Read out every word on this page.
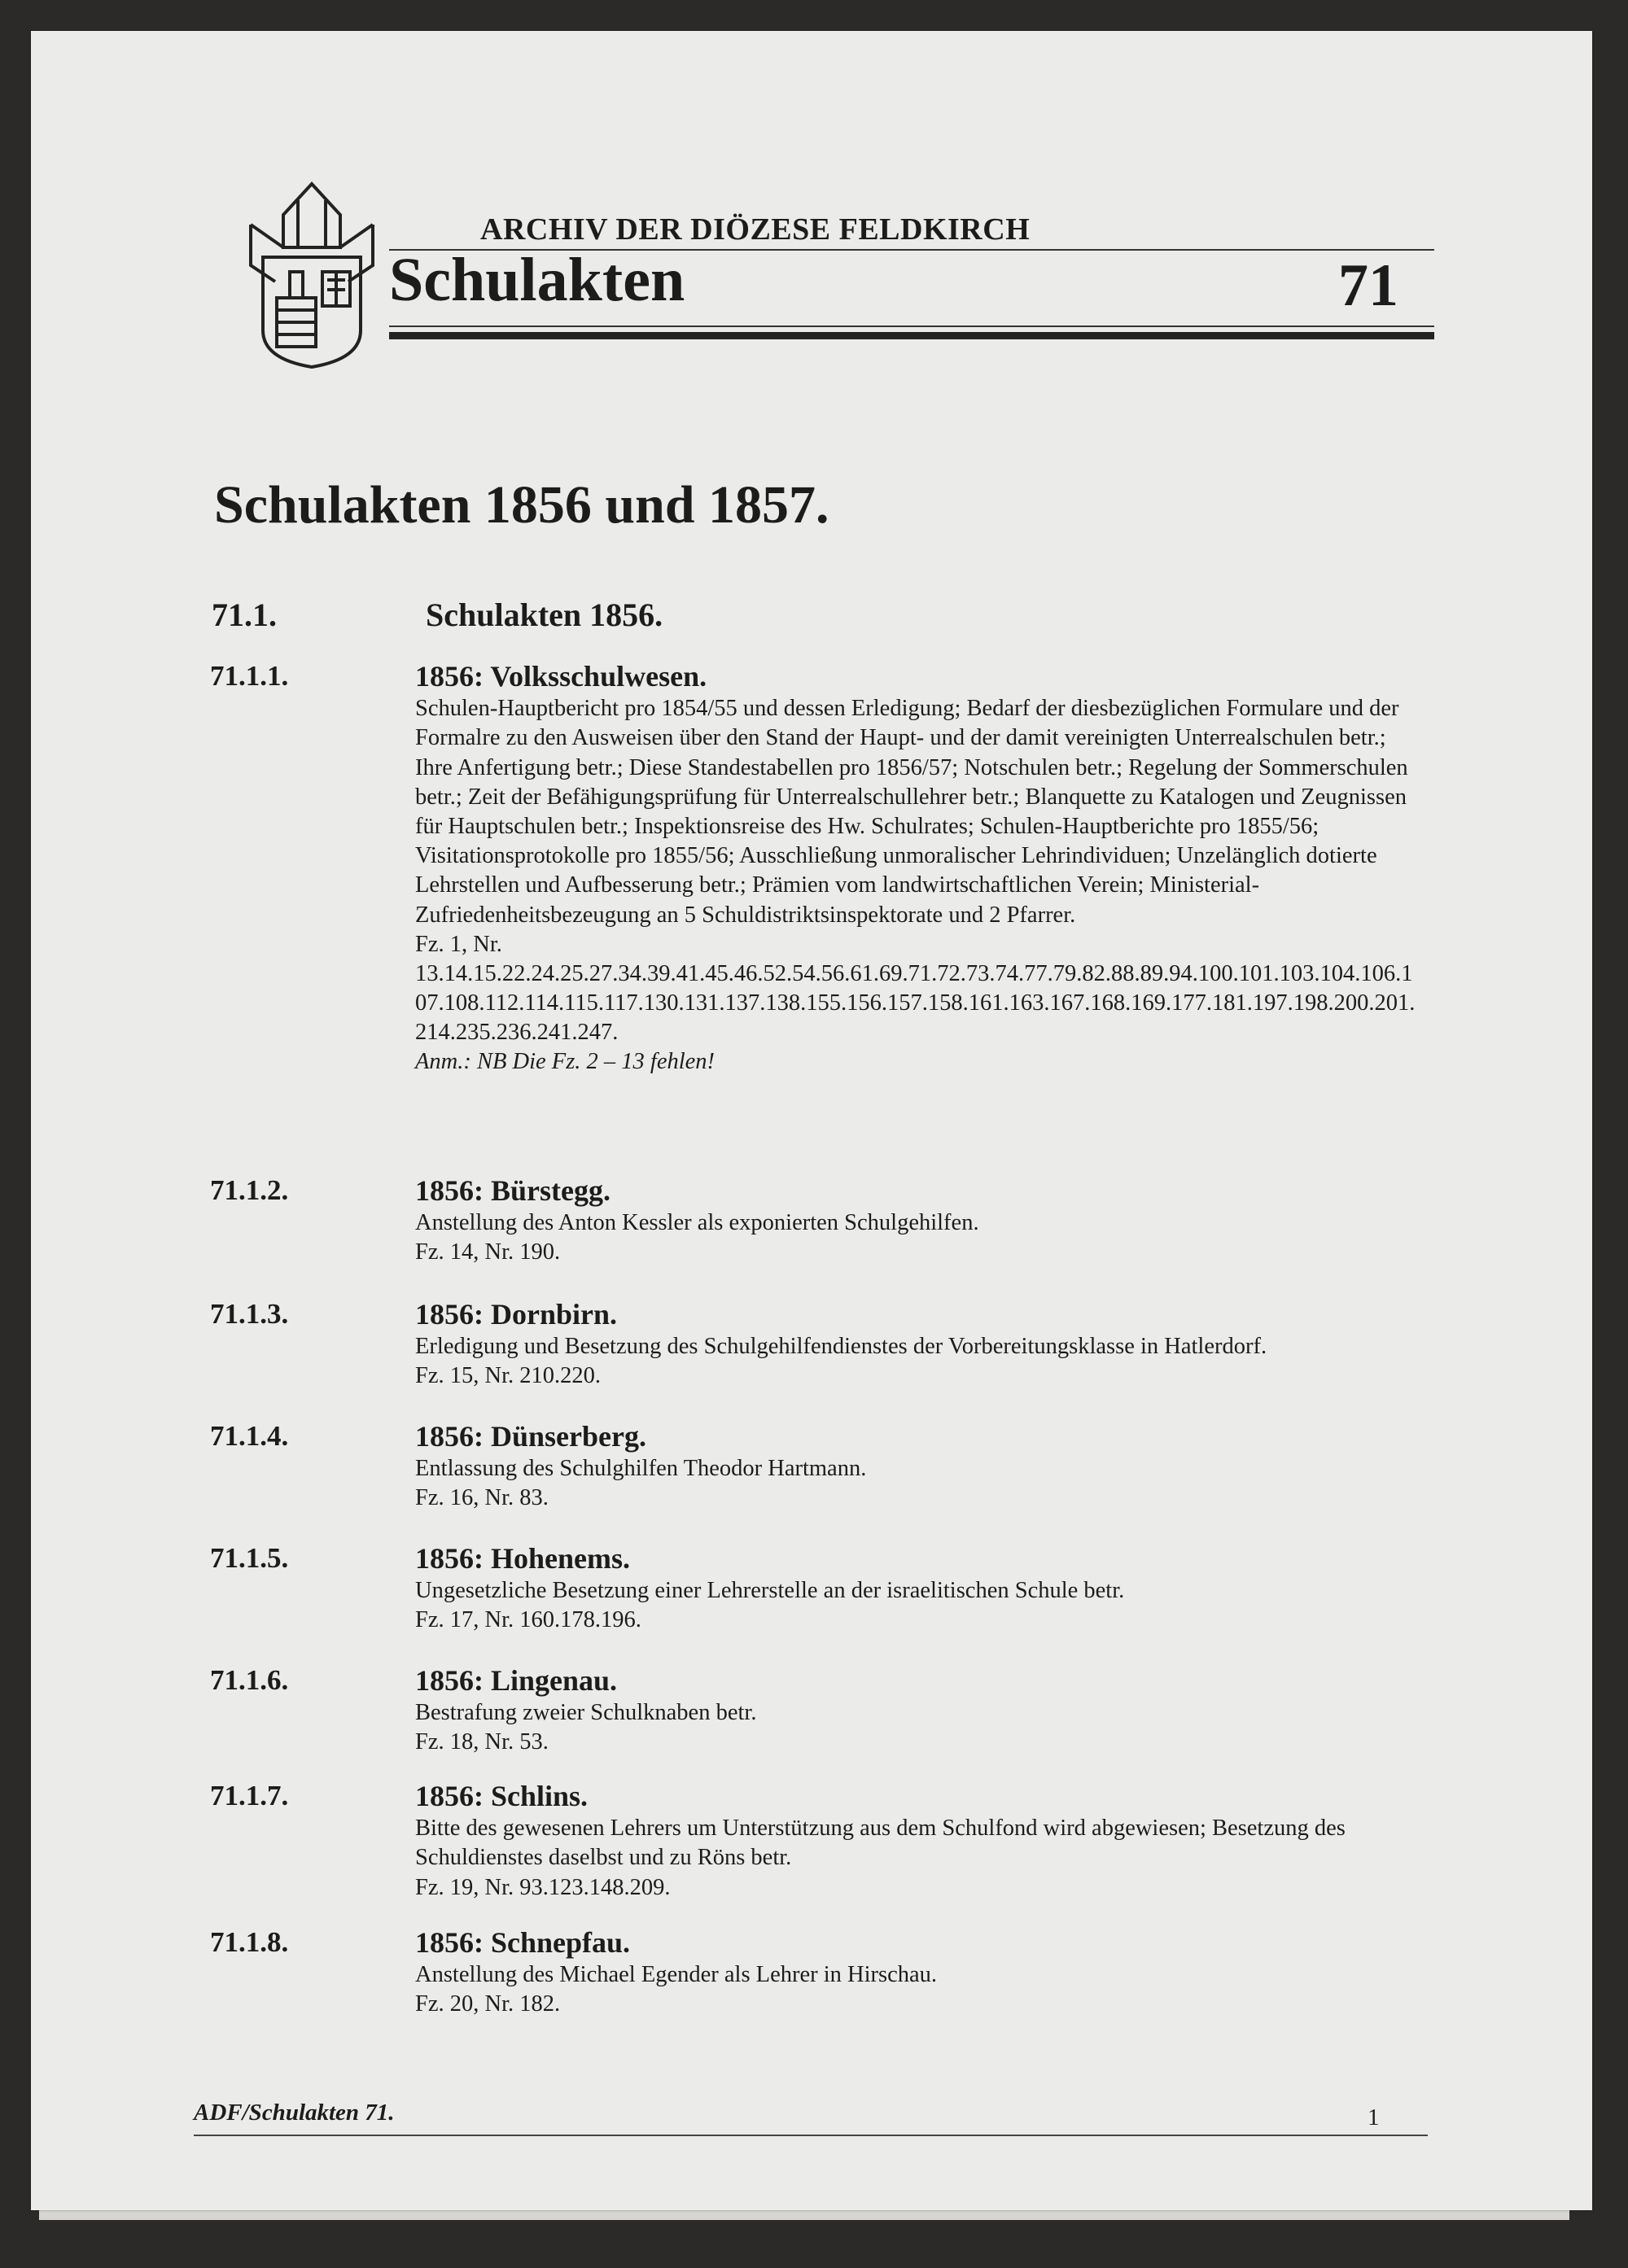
ARCHIV DER DIÖZESE FELDKIRCH
Schulakten	71
Schulakten 1856 und 1857.
71.1.	Schulakten 1856.
71.1.1.	1856: Volksschulwesen.

Schulen-Hauptbericht pro 1854/55 und dessen Erledigung; Bedarf der diesbezüglichen Formulare und der Formalre zu den Ausweisen über den Stand der Haupt- und der damit vereinigten Unterrealschulen betr.; Ihre Anfertigung betr.; Diese Standestabellen pro 1856/57; Notschulen betr.; Regelung der Sommerschulen betr.; Zeit der Befähigungsprüfung für Unterrealschullehrer betr.; Blanquette zu Katalogen und Zeugnissen für Hauptschulen betr.; Inspektionsreise des Hw. Schulrates; Schulen-Hauptberichte pro 1855/56; Visitationsprotokolle pro 1855/56; Ausschließung unmoralischer Lehrindividuen; Unzelänglich dotierte Lehrstellen und Aufbesserung betr.; Prämien vom landwirtschaftlichen Verein; Ministerial-Zufriedenheitsbezeugung an 5 Schuldistriktsinspektorate und 2 Pfarrer.

Fz. 1, Nr.

13.14.15.22.24.25.27.34.39.41.45.46.52.54.56.61.69.71.72.73.74.77.79.82.88.89.94.100.101.103.104.106.107.108.112.114.115.117.130.131.137.138.155.156.157.158.161.163.167.168.169.177.181.197.198.200.201.214.235.236.241.247.

Anm.: NB Die Fz. 2 – 13 fehlen!

71.1.2.	1856: Bürstegg.

Anstellung des Anton Kessler als exponierten Schulgehilfen.

Fz. 14, Nr. 190.

71.1.3.	1856: Dornbirn.

Erledigung und Besetzung des Schulgehilfendienstes der Vorbereitungsklasse in Hatlerdorf.

Fz. 15, Nr. 210.220.

71.1.4.	1856: Dünserberg.

Entlassung des Schulghilfen Theodor Hartmann.

Fz. 16, Nr. 83.

71.1.5.	1856: Hohenems.

Ungesetzliche Besetzung einer Lehrerstelle an der israelitischen Schule betr.

Fz. 17, Nr. 160.178.196.

71.1.6.	1856: Lingenau.

Bestrafung zweier Schulknaben betr.

Fz. 18, Nr. 53.

71.1.7.	1856: Schlins.

Bitte des gewesenen Lehrers um Unterstützung aus dem Schulfond wird abgewiesen; Besetzung des Schuldienstes daselbst und zu Röns betr.

Fz. 19, Nr. 93.123.148.209.

71.1.8.	1856: Schnepfau.

Anstellung des Michael Egender als Lehrer in Hirschau.

Fz. 20, Nr. 182.

ADF/Schulakten 71.	1
